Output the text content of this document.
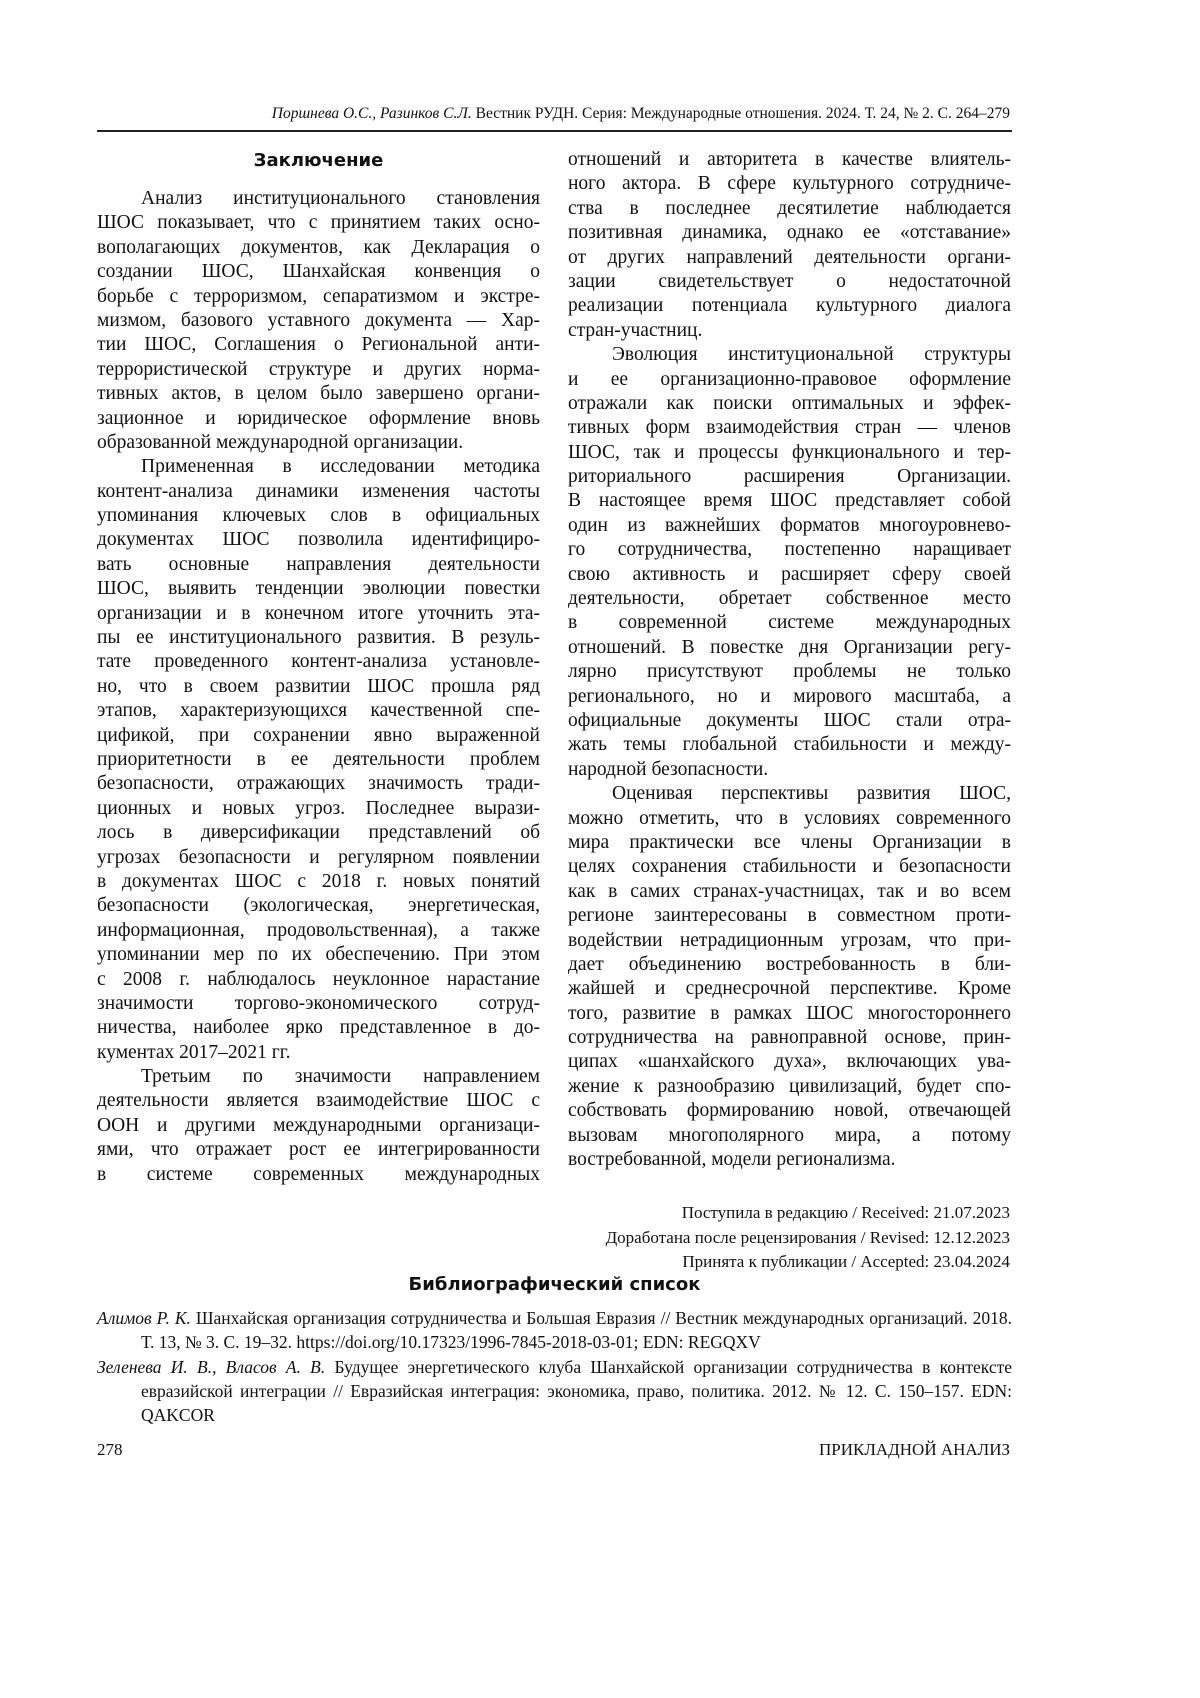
Поршнева О.С., Разинков С.Л. Вестник РУДН. Серия: Международные отношения. 2024. Т. 24, № 2. С. 264–279
Заключение
Анализ институционального становления
ШОС показывает, что с принятием таких осно-
вополагающих документов, как Декларация о
создании ШОС, Шанхайская конвенция о
борьбе с терроризмом, сепаратизмом и экстре-
мизмом, базового уставного документа — Хар-
тии ШОС, Соглашения о Региональной анти-
террористической структуре и других норма-
тивных актов, в целом было завершено органи-
зационное и юридическое оформление вновь
образованной международной организации.
Примененная в исследовании методика
контент-анализа динамики изменения частоты
упоминания ключевых слов в официальных
документах ШОС позволила идентифициро-
вать основные направления деятельности
ШОС, выявить тенденции эволюции повестки
организации и в конечном итоге уточнить эта-
пы ее институционального развития. В резуль-
тате проведенного контент-анализа установле-
но, что в своем развитии ШОС прошла ряд
этапов, характеризующихся качественной спе-
цификой, при сохранении явно выраженной
приоритетности в ее деятельности проблем
безопасности, отражающих значимость тради-
ционных и новых угроз. Последнее вырази-
лось в диверсификации представлений об
угрозах безопасности и регулярном появлении
в документах ШОС с 2018 г. новых понятий
безопасности (экологическая, энергетическая,
информационная, продовольственная), а также
упоминании мер по их обеспечению. При этом
с 2008 г. наблюдалось неуклонное нарастание
значимости торгово-экономического сотруд-
ничества, наиболее ярко представленное в до-
кументах 2017–2021 гг.
Третьим по значимости направлением
деятельности является взаимодействие ШОС с
ООН и другими международными организаци-
ями, что отражает рост ее интегрированности
в системе современных международных
отношений и авторитета в качестве влиятель-
ного актора. В сфере культурного сотрудниче-
ства в последнее десятилетие наблюдается
позитивная динамика, однако ее «отставание»
от других направлений деятельности органи-
зации свидетельствует о недостаточной
реализации потенциала культурного диалога
стран-участниц.
Эволюция институциональной структуры
и ее организационно-правовое оформление
отражали как поиски оптимальных и эффек-
тивных форм взаимодействия стран — членов
ШОС, так и процессы функционального и тер-
риториального расширения Организации.
В настоящее время ШОС представляет собой
один из важнейших форматов многоуровнево-
го сотрудничества, постепенно наращивает
свою активность и расширяет сферу своей
деятельности, обретает собственное место
в современной системе международных
отношений. В повестке дня Организации регу-
лярно присутствуют проблемы не только
регионального, но и мирового масштаба, а
официальные документы ШОС стали отра-
жать темы глобальной стабильности и между-
народной безопасности.
Оценивая перспективы развития ШОС,
можно отметить, что в условиях современного
мира практически все члены Организации в
целях сохранения стабильности и безопасности
как в самих странах-участницах, так и во всем
регионе заинтересованы в совместном проти-
водействии нетрадиционным угрозам, что при-
дает объединению востребованность в бли-
жайшей и среднесрочной перспективе. Кроме
того, развитие в рамках ШОС многостороннего
сотрудничества на равноправной основе, прин-
ципах «шанхайского духа», включающих ува-
жение к разнообразию цивилизаций, будет спо-
собствовать формированию новой, отвечающей
вызовам многополярного мира, а потому
востребованной, модели регионализма.
Поступила в редакцию / Received: 21.07.2023
Доработана после рецензирования / Revised: 12.12.2023
Принята к публикации / Accepted: 23.04.2024
Библиографический список
Алимов Р. К. Шанхайская организация сотрудничества и Большая Евразия // Вестник международных организаций. 2018. Т. 13, № 3. С. 19–32. https://doi.org/10.17323/1996-7845-2018-03-01; EDN: REGQXV
Зеленева И. В., Власов А. В. Будущее энергетического клуба Шанхайской организации сотрудничества в контексте евразийской интеграции // Евразийская интеграция: экономика, право, политика. 2012. № 12. С. 150–157. EDN: QAKCOR
278	ПРИКЛАДНОЙ АНАЛИЗ
